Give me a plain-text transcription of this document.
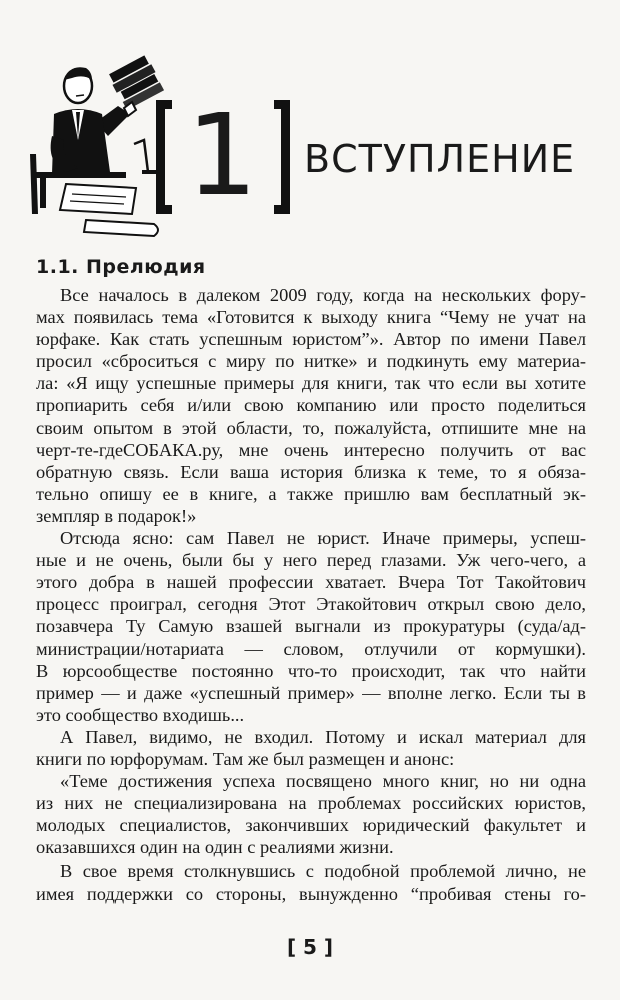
1 ВСТУПЛЕНИЕ
1.1. Прелюдия
Все началось в далеком 2009 году, когда на нескольких фору-
мах появилась тема «Готовится к выходу книга “Чему не учат на
юрфаке. Как стать успешным юристом”». Автор по имени Павел
просил «сброситься с миру по нитке» и подкинуть ему материа-
ла: «Я ищу успешные примеры для книги, так что если вы хотите
пропиарить себя и/или свою компанию или просто поделиться
своим опытом в этой области, то, пожалуйста, отпишите мне на
черт-те-гдеСОБАКА.ру, мне очень интересно получить от вас
обратную связь. Если ваша история близка к теме, то я обяза-
тельно опишу ее в книге, а также пришлю вам бесплатный эк-
земпляр в подарок!»
Отсюда ясно: сам Павел не юрист. Иначе примеры, успеш-
ные и не очень, были бы у него перед глазами. Уж чего-чего, а
этого добра в нашей профессии хватает. Вчера Тот Такойтович
процесс проиграл, сегодня Этот Этакойтович открыл свою дело,
позавчера Ту Самую взашей выгнали из прокуратуры (суда/ад-
министрации/нотариата — словом, отлучили от кормушки).
В юрсообществе постоянно что-то происходит, так что найти
пример — и даже «успешный пример» — вполне легко. Если ты в
это сообщество входишь...
А Павел, видимо, не входил. Потому и искал материал для
книги по юрфорумам. Там же был размещен и анонс:
«Теме достижения успеха посвящено много книг, но ни одна
из них не специализирована на проблемах российских юристов,
молодых специалистов, закончивших юридический факультет и
оказавшихся один на один с реалиями жизни.
В свое время столкнувшись с подобной проблемой лично, не
имея поддержки со стороны, вынужденно “пробивая стены го-
[ 5 ]
